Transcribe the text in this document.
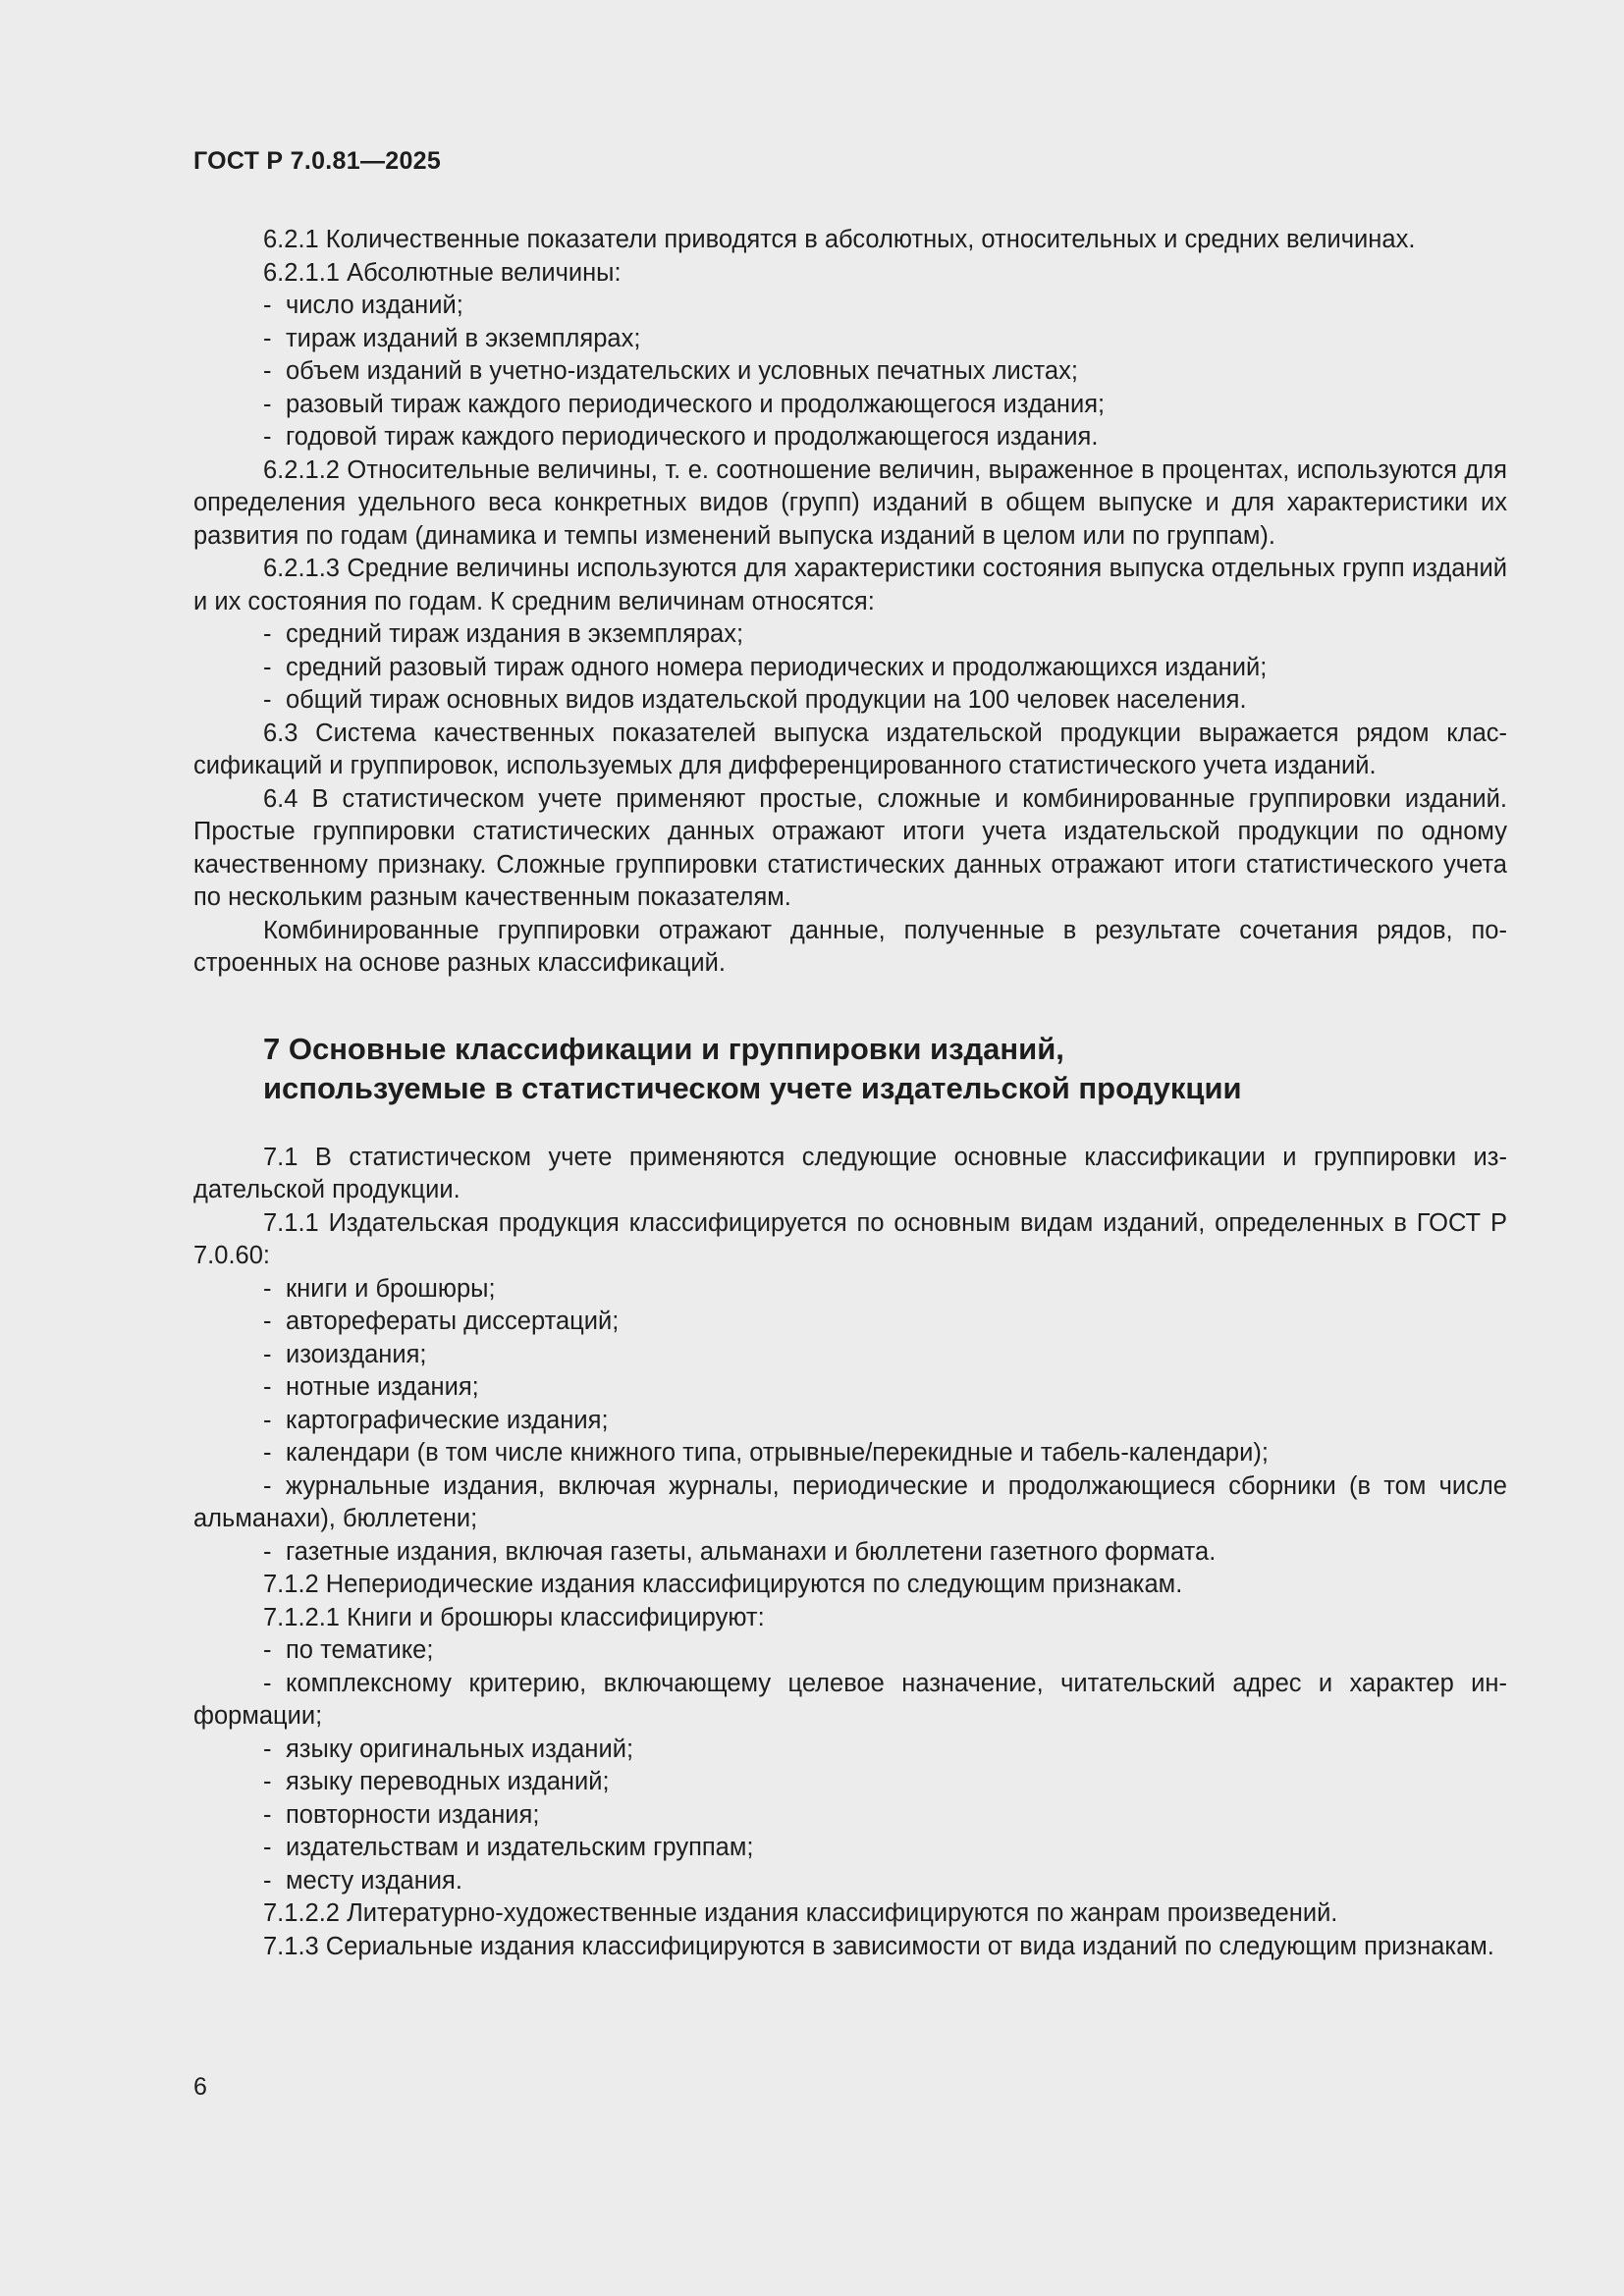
ГОСТ Р 7.0.81—2025
6.2.1 Количественные показатели приводятся в абсолютных, относительных и средних величинах.
6.2.1.1 Абсолютные величины:
- число изданий;
- тираж изданий в экземплярах;
- объем изданий в учетно-издательских и условных печатных листах;
- разовый тираж каждого периодического и продолжающегося издания;
- годовой тираж каждого периодического и продолжающегося издания.
6.2.1.2 Относительные величины, т. е. соотношение величин, выраженное в процентах, используются для определения удельного веса конкретных видов (групп) изданий в общем выпуске и для характеристики их развития по годам (динамика и темпы изменений выпуска изданий в целом или по группам).
6.2.1.3 Средние величины используются для характеристики состояния выпуска отдельных групп изданий и их состояния по годам. К средним величинам относятся:
- средний тираж издания в экземплярах;
- средний разовый тираж одного номера периодических и продолжающихся изданий;
- общий тираж основных видов издательской продукции на 100 человек населения.
6.3 Система качественных показателей выпуска издательской продукции выражается рядом классификаций и группировок, используемых для дифференцированного статистического учета изданий.
6.4 В статистическом учете применяют простые, сложные и комбинированные группировки изданий. Простые группировки статистических данных отражают итоги учета издательской продукции по одному качественному признаку. Сложные группировки статистических данных отражают итоги статистического учета по нескольким разным качественным показателям.
Комбинированные группировки отражают данные, полученные в результате сочетания рядов, построенных на основе разных классификаций.
7 Основные классификации и группировки изданий,
используемые в статистическом учете издательской продукции
7.1 В статистическом учете применяются следующие основные классификации и группировки издательской продукции.
7.1.1 Издательская продукция классифицируется по основным видам изданий, определенных в ГОСТ Р 7.0.60:
- книги и брошюры;
- авторефераты диссертаций;
- изоиздания;
- нотные издания;
- картографические издания;
- календари (в том числе книжного типа, отрывные/перекидные и табель-календари);
- журнальные издания, включая журналы, периодические и продолжающиеся сборники (в том числе альманахи), бюллетени;
- газетные издания, включая газеты, альманахи и бюллетени газетного формата.
7.1.2 Непериодические издания классифицируются по следующим признакам.
7.1.2.1 Книги и брошюры классифицируют:
- по тематике;
- комплексному критерию, включающему целевое назначение, читательский адрес и характер информации;
- языку оригинальных изданий;
- языку переводных изданий;
- повторности издания;
- издательствам и издательским группам;
- месту издания.
7.1.2.2 Литературно-художественные издания классифицируются по жанрам произведений.
7.1.3 Сериальные издания классифицируются в зависимости от вида изданий по следующим признакам.
6
